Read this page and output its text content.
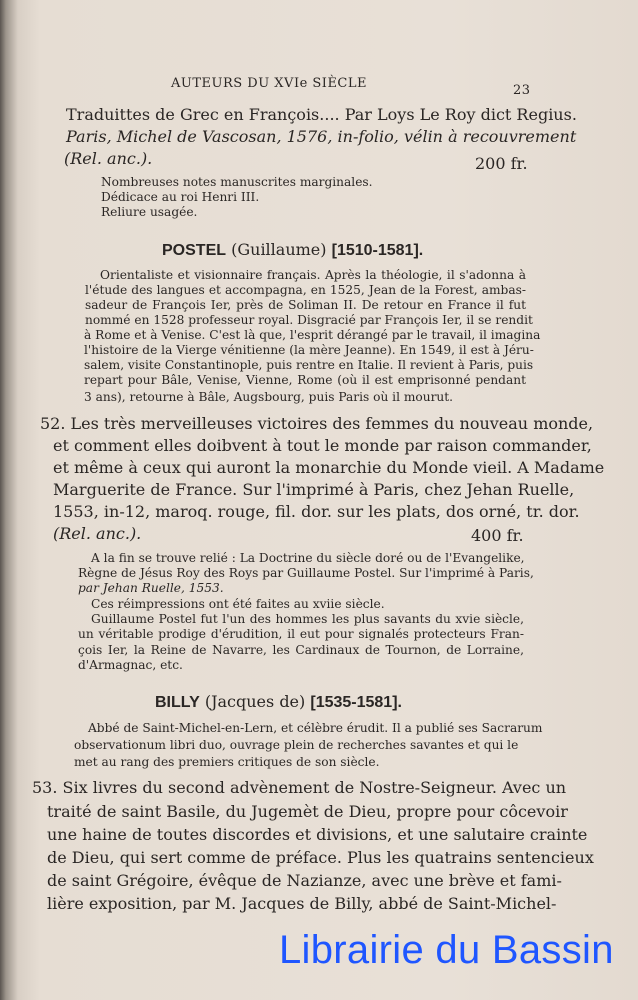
AUTEURS DU XVIe SIÈCLE	23
Traduittes de Grec en François.... Par Loys Le Roy dict Regius.
Paris, Michel de Vascosan, 1576, in-folio, vélin à recouvrement
(Rel. anc.).	200 fr.
Nombreuses notes manuscrites marginales.
Dédicace au roi Henri III.
Reliure usagée.
POSTEL (Guillaume) [1510-1581].
Orientaliste et visionnaire français. Après la théologie, il s'adonna à
l'étude des langues et accompagna, en 1525, Jean de la Forest, ambas-
sadeur de François Ier, près de Soliman II. De retour en France il fut
nommé en 1528 professeur royal. Disgracié par François Ier, il se rendit
à Rome et à Venise. C'est là que, l'esprit dérangé par le travail, il imagina
l'histoire de la Vierge vénitienne (la mère Jeanne). En 1549, il est à Jéru-
salem, visite Constantinople, puis rentre en Italie. Il revient à Paris, puis
repart pour Bâle, Venise, Vienne, Rome (où il est emprisonné pendant
3 ans), retourne à Bâle, Augsbourg, puis Paris où il mourut.
52. Les très merveilleuses victoires des femmes du nouveau monde,
et comment elles doibvent à tout le monde par raison commander,
et même à ceux qui auront la monarchie du Monde vieil. A Madame
Marguerite de France. Sur l'imprimé à Paris, chez Jehan Ruelle,
1553, in-12, maroq. rouge, fil. dor. sur les plats, dos orné, tr. dor.
(Rel. anc.).	400 fr.
A la fin se trouve relié : La Doctrine du siècle doré ou de l'Evangelike,
Règne de Jésus Roy des Roys par Guillaume Postel. Sur l'imprimé à Paris,
par Jehan Ruelle, 1553.
Ces réimpressions ont été faites au xviie siècle.
Guillaume Postel fut l'un des hommes les plus savants du xvie siècle,
un véritable prodige d'érudition, il eut pour signalés protecteurs Fran-
çois Ier, la Reine de Navarre, les Cardinaux de Tournon, de Lorraine,
d'Armagnac, etc.
BILLY (Jacques de) [1535-1581].
Abbé de Saint-Michel-en-Lern, et célèbre érudit. Il a publié ses Sacrarum
observationum libri duo, ouvrage plein de recherches savantes et qui le
met au rang des premiers critiques de son siècle.
53. Six livres du second advènement de Nostre-Seigneur. Avec un
traité de saint Basile, du Jugemèt de Dieu, propre pour côcevoir
une haine de toutes discordes et divisions, et une salutaire crainte
de Dieu, qui sert comme de préface. Plus les quatrains sentencieux
de saint Grégoire, évêque de Nazianze, avec une brève et fami-
lière exposition, par M. Jacques de Billy, abbé de Saint-Michel-
Librairie du Bassin
